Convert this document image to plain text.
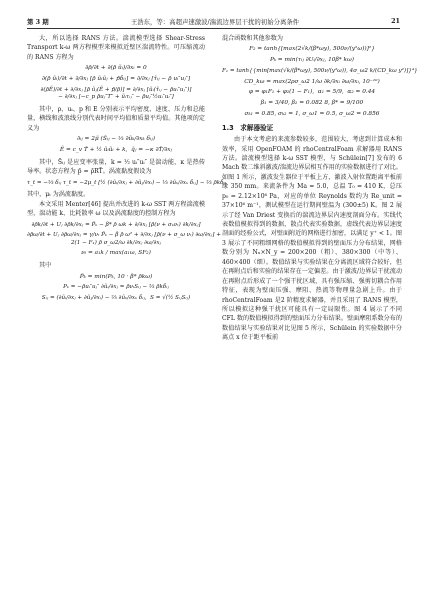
第 3 期	王浩东，等：高超声速激波/湍流边界层干扰的初始分离条件	21

大，所以选择 RANS 方法。湍流模型选择 Shear-Stress Transport k-ω 两方程模型来模拟近壁区湍流特性。可压缩流动的 RANS 方程为

∂ρ̄/∂t + ∂(ρ̄ ũᵢ)/∂xᵢ = 0
∂(ρ̄ ũᵢ)/∂t + ∂/∂xⱼ [ρ̄ ũᵢũⱼ + p̄δᵢⱼ] = ∂/∂xⱼ [τ̃ᵢⱼ − ρ̄ uᵢ″uⱼ″]
∂(ρ̄Ẽ)/∂t + ∂/∂xⱼ [ρ̄ ũⱼ(Ẽ + p̄/ρ̄)] = ∂/∂xⱼ [ũᵢ(τ̃ᵢⱼ − ρ̄uᵢ″uⱼ″)]
− ∂/∂xⱼ [−c_p ρ̄uⱼ″T″ + ũᵢτᵢⱼ″ − ρ̄uⱼ″½uᵢ″uᵢ″]

其中，ρ、uᵢ、p 和 E 分别表示平均密度、速度、压力和总能量，横线和波浪线分别代表时间平均值和质量平均值。其他项的定义为

∂ᵢⱼ = 2μ̃ (S̃ᵢⱼ − ⅓ ∂ũₖ/∂xₖ δᵢⱼ)
Ẽ = c_v T̃ + ½ ũᵢũᵢ + k,  q̃ⱼ = −κ ∂T̃/∂xⱼ

其中，S̃ᵢⱼ 是应变率张量，k = ½ uᵢ″uᵢ″ 是湍动能，κ 是热传导率。状态方程为 p̄ = ρ̄RT̃。涡流黏度假设为

τ_t = −⅔ δᵢⱼ τ_t = −2μ_t [½ (∂ũᵢ/∂xⱼ + ∂ũⱼ/∂xᵢ) − ⅓ ∂ũₖ/∂xₖ δᵢⱼ] − ⅔ ρ̄kδᵢⱼ

其中，μₜ 为涡流黏度。

本文采用 Menter[46] 提出并改进的 k-ω SST 两方程湍流模型，湍动能 k、比耗散率 ω 以及涡流黏度的控制方程为

∂ρ̄k/∂t + Uⱼ ∂ρ̄k/∂xⱼ = P̃ₖ − β* ρ̄ ωk + ∂/∂xⱼ [ρ̄(ν + σₖνₜ) ∂k/∂xⱼ]
∂ρ̄ω/∂t + Uⱼ ∂ρ̄ω/∂xⱼ = γ/νₜ P̃ₖ − β ρ̄ ω² + ∂/∂xⱼ [ρ̄(ν + σ_ω νₜ) ∂ω/∂xⱼ] +
2(1 − F₁) ρ̄ σ_ω2/ω ∂k/∂xⱼ ∂ω/∂xⱼ
νₜ = a₁k / max(a₁ω, SF₂)

其中

P̃ₖ = min(Pₖ, 10 · β* ρ̄kω)
Pₖ = −ρ̄uᵢ″uⱼ″ ∂ũᵢ/∂xⱼ = ρ̄νₜSᵢⱼ − ⅔ ρ̄kδᵢⱼ
Sᵢⱼ = (∂ũᵢ/∂xⱼ + ∂ũⱼ/∂xᵢ) − ⅔ ∂ũₖ/∂xₖ δᵢⱼ,  S = √(½ SᵢⱼSᵢⱼ)

混合函数和其他参数为

F₂ = tanh{[max(2√k/(β*ωy), 500ν/(y²ω))]²}
Pₖ = min(τᵢⱼ ∂Uᵢ/∂xⱼ, 10β* kω)
F₁ = tanh{{min[max(√k/(β*ωy), 500ν/(y²ω)), 4σ_ω2 k/(CD_kω y²)]}⁴}
CD_kω = max(2ρσ_ω2 1/ω ∂k/∂xᵢ ∂ω/∂xᵢ, 10⁻¹⁰)
φ = φ₁F₁ + φ₂(1 − F₁),  α₁ = 5/9,  α₂ = 0.44
β₁ = 3/40, β₂ = 0.082 8, β* = 9/100
σₖ₁ = 0.85, σₖ₂ = 1, σ_ω1 = 0.5, σ_ω2 = 0.856
1.3　求解器验证

由于本文考虑的来流参数较多，范围较大，考虑到计算成本和效率，采用 OpenFOAM 的 rhoCentralFoam 求解器用 RANS 方法。湍流模型选择 k-ω SST 模型，与 Schülein[7] 发布的 6 Mach 数二维斜激波/湍流边界层相互作用的实验数据进行了对比。如图 1 所示，激波发生器位于平板上方，激波入射位置距离平板前缘 350 mm。来流条件为 Ma = 5.0，总温 T₀ = 410 K，总压 p₀ = 2.12×10⁶ Pa，对应的单位 Reynolds 数约为 Re_unit = 37×10⁶ m⁻¹，测试模型在运行期间壁温为 (300±5) K。图 2 展示了经 Van Driest 变换后的湍流边界层内速度剖面分布。实线代表数值模拟得到的数据，散点代表实验数据，虚线代表边界层速度剖面的经验公式，对壁面附近的网格进行加密，以满足 y⁺ < 1。图 3 展示了不同粗细网格的数值模拟得到的壁面压力分布结果，网格数分别为 Nₓ×N_y = 200×200（粗）、380×300（中等）、460×400（细）。数值结果与实验结果在分离流区域符合较好，但在再附点后和实验的结果存在一定偏差。由于激波/边界层干扰流动在再附点后形成了一个强干扰区域，具有强压缩、强剪切耦合作用特征，表现为壁面压强、摩阻、热流等物理量急剧上升。由于 rhoCentralFoam 是2 阶精度求解器，并且采用了 RANS 模型，所以模拟这种强干扰区可能具有一定局限性。图 4 展示了不同 CFL 数的数值模拟得到的壁面压力分布结果。壁面摩阻系数分布的数值结果与实验结果对比见图 5 所示，Schülein 的实验数据中分离点 x 位于距平板前
